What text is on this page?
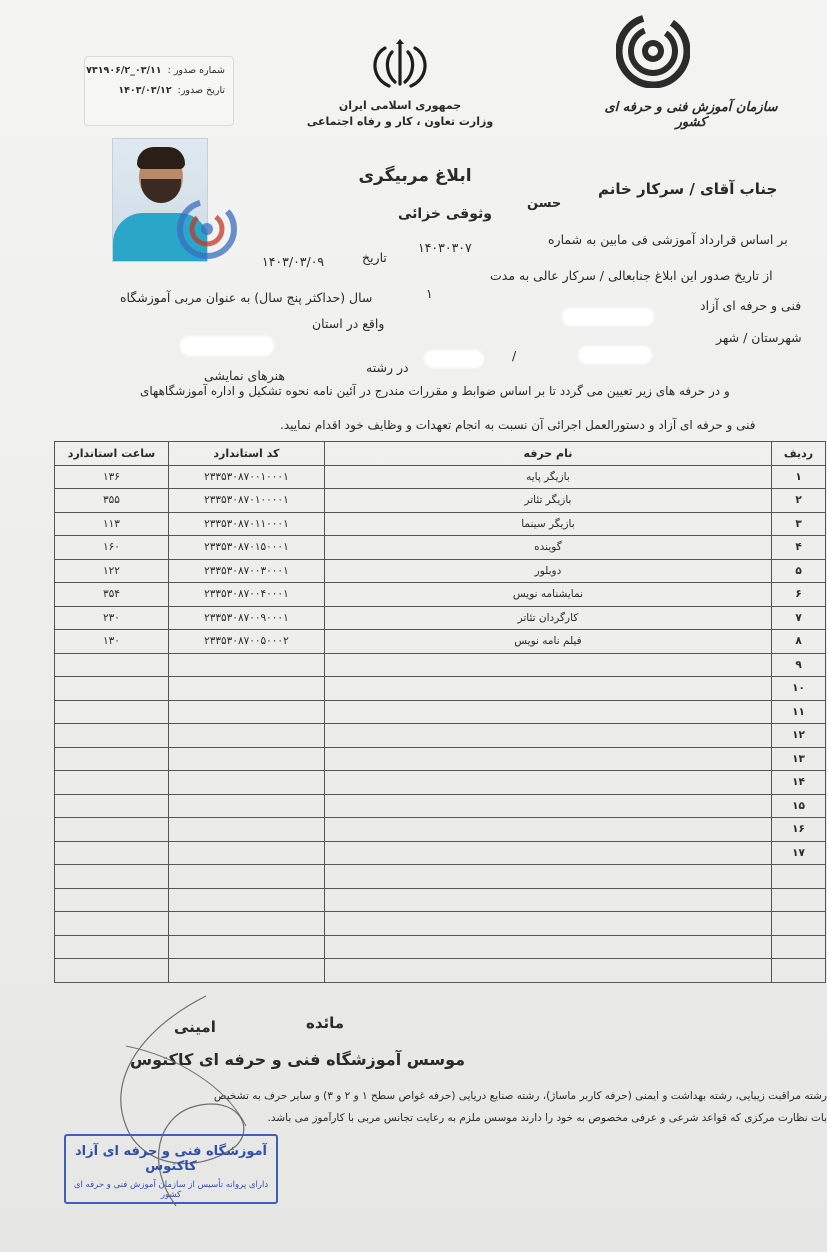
شماره صدور :
۰۳/۱۱_۷۳۱۹۰۶/۲
تاریخ صدور:
۱۴۰۳/۰۳/۱۲
جمهوری اسلامی ایران
وزارت تعاون ، کار و رفاه اجتماعی
سازمان آموزش فنی و حرفه ای کشور
ابلاغ مربیگری
جناب آقای / سرکار خانم
حسن
وثوقی خزائی
بر اساس قرارداد آموزشی فی مابین به شماره
۱۴۰۳۰۳۰۷
تاریخ
۱۴۰۳/۰۳/۰۹
از تاریخ صدور این ابلاغ جنابعالی / سرکار عالی به مدت
۱
سال (حداکثر پنج سال) به عنوان مربی آموزشگاه
فنی و حرفه ای آزاد
واقع در استان
شهرستان / شهر
/
در رشته
هنرهای نمایشی
و در حرفه های زیر تعیین می گردد تا بر اساس ضوابط و مقررات مندرج در آئین نامه نحوه تشکیل و اداره آموزشگاههای
فنی و حرفه ای آزاد و دستورالعمل اجرائی آن نسبت به انجام تعهدات و وظایف خود اقدام نمایید.
ردیف	نام حرفه	کد استاندارد	ساعت استاندارد
۱	بازیگر پایه	۲۳۳۵۳۰۸۷۰۰۱۰۰۰۱	۱۳۶
۲	بازیگر تئاتر	۲۳۳۵۳۰۸۷۰۱۰۰۰۰۱	۳۵۵
۳	بازیگر سینما	۲۳۳۵۳۰۸۷۰۱۱۰۰۰۱	۱۱۳
۴	گوینده	۲۳۳۵۳۰۸۷۰۱۵۰۰۰۱	۱۶۰
۵	دوبلور	۲۳۳۵۳۰۸۷۰۰۳۰۰۰۱	۱۲۲
۶	نمایشنامه نویس	۲۳۳۵۳۰۸۷۰۰۴۰۰۰۱	۳۵۴
۷	کارگردان تئاتر	۲۳۳۵۳۰۸۷۰۰۹۰۰۰۱	۲۳۰
۸	فیلم نامه نویس	۲۳۳۵۳۰۸۷۰۰۵۰۰۰۲	۱۳۰
۹			
۱۰			
۱۱			
۱۲			
۱۳			
۱۴			
۱۵			
۱۶			
۱۷			

امینی	مائده
موسس آموزشگاه فنی و حرفه ای کاکتوس
رشته مراقبت زیبایی، رشته بهداشت و ایمنی (حرفه کاربر ماساژ)، رشته صنایع دریایی (حرفه غواص سطح ۱ و ۲ و ۳) و سایر حرف به تشخیص
بات نظارت مرکزی که قواعد شرعی و عرفی مخصوص به خود را دارند موسس ملزم به رعایت تجانس مربی با کارآموز می باشد.
آموزشگاه فنی و حرفه ای آزاد کاکتوس
دارای پروانه تأسیس از سازمان آموزش فنی و حرفه ای کشور
